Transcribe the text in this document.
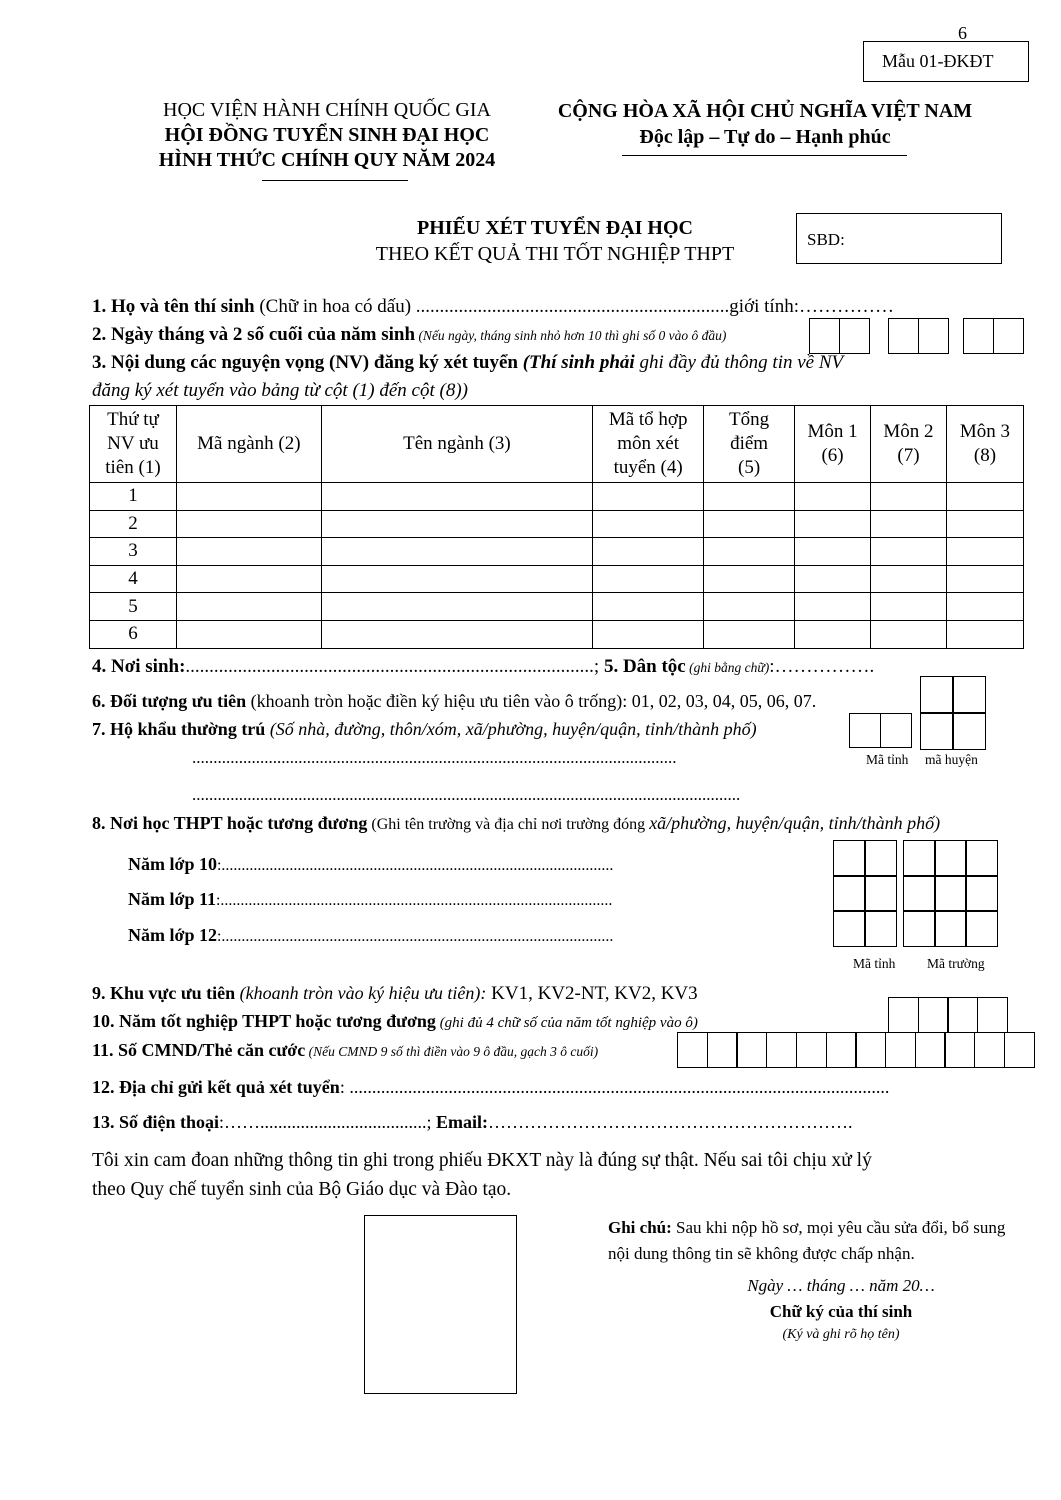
6
Mẫu 01-ĐKĐT
HỌC VIỆN HÀNH CHÍNH QUỐC GIA
HỘI ĐỒNG TUYỂN SINH ĐẠI HỌC
HÌNH THỨC CHÍNH QUY NĂM 2024
CỘNG HÒA XÃ HỘI CHỦ NGHĨA VIỆT NAM
Độc lập – Tự do – Hạnh phúc
PHIẾU XÉT TUYỂN ĐẠI HỌC
THEO KẾT QUẢ THI TỐT NGHIỆP THPT
SBD:
1. Họ và tên thí sinh (Chữ in hoa có dấu) ..................................................................giới tính:……………
2. Ngày tháng và 2 số cuối của năm sinh (Nếu ngày, tháng sinh nhỏ hơn 10 thì ghi số 0 vào ô đầu)
3. Nội dung các nguyện vọng (NV) đăng ký xét tuyển (Thí sinh phải ghi đầy đủ thông tin về NV
đăng ký xét tuyển vào bảng từ cột (1) đến cột (8))
Thứ tự NV ưu tiên (1)	Mã ngành (2)	Tên ngành (3)	Mã tổ hợp môn xét tuyển (4)	Tổng điểm (5)	Môn 1 (6)	Môn 2 (7)	Môn 3 (8)

1							
2							
3							
4							
5							
6							
4. Nơi sinh:......................................................................................; 5. Dân tộc (ghi bằng chữ):…………….
6. Đối tượng ưu tiên (khoanh tròn hoặc điền ký hiệu ưu tiên vào ô trống): 01, 02, 03, 04, 05, 06, 07.
7. Hộ khẩu thường trú (Số nhà, đường, thôn/xóm, xã/phường, huyện/quận, tỉnh/thành phố)
..................................................................................................................	Mã tỉnh mã huyện
.................................................................................................................................
8. Nơi học THPT hoặc tương đương (Ghi tên trường và địa chỉ nơi trường đóng xã/phường, huyện/quận, tỉnh/thành phố)
Năm lớp 10:..................................................................................................
Năm lớp 11:..................................................................................................
Năm lớp 12:..................................................................................................
Mã tỉnh Mã trường
9. Khu vực ưu tiên (khoanh tròn vào ký hiệu ưu tiên): KV1, KV2-NT, KV2, KV3
10. Năm tốt nghiệp THPT hoặc tương đương (ghi đủ 4 chữ số của năm tốt nghiệp vào ô)
11. Số CMND/Thẻ căn cước (Nếu CMND 9 số thì điền vào 9 ô đầu, gạch 3 ô cuối)
12. Địa chỉ gửi kết quả xét tuyển: ........................................................................................................................
13. Số điện thoại:…….....................................; Email:…………………………………………………….
Tôi xin cam đoan những thông tin ghi trong phiếu ĐKXT này là đúng sự thật. Nếu sai tôi chịu xử lý
theo Quy chế tuyển sinh của Bộ Giáo dục và Đào tạo.
Ghi chú: Sau khi nộp hồ sơ, mọi yêu cầu sửa đổi, bổ sung
nội dung thông tin sẽ không được chấp nhận.
Ngày … tháng … năm 20…
Chữ ký của thí sinh
(Ký và ghi rõ họ tên)
